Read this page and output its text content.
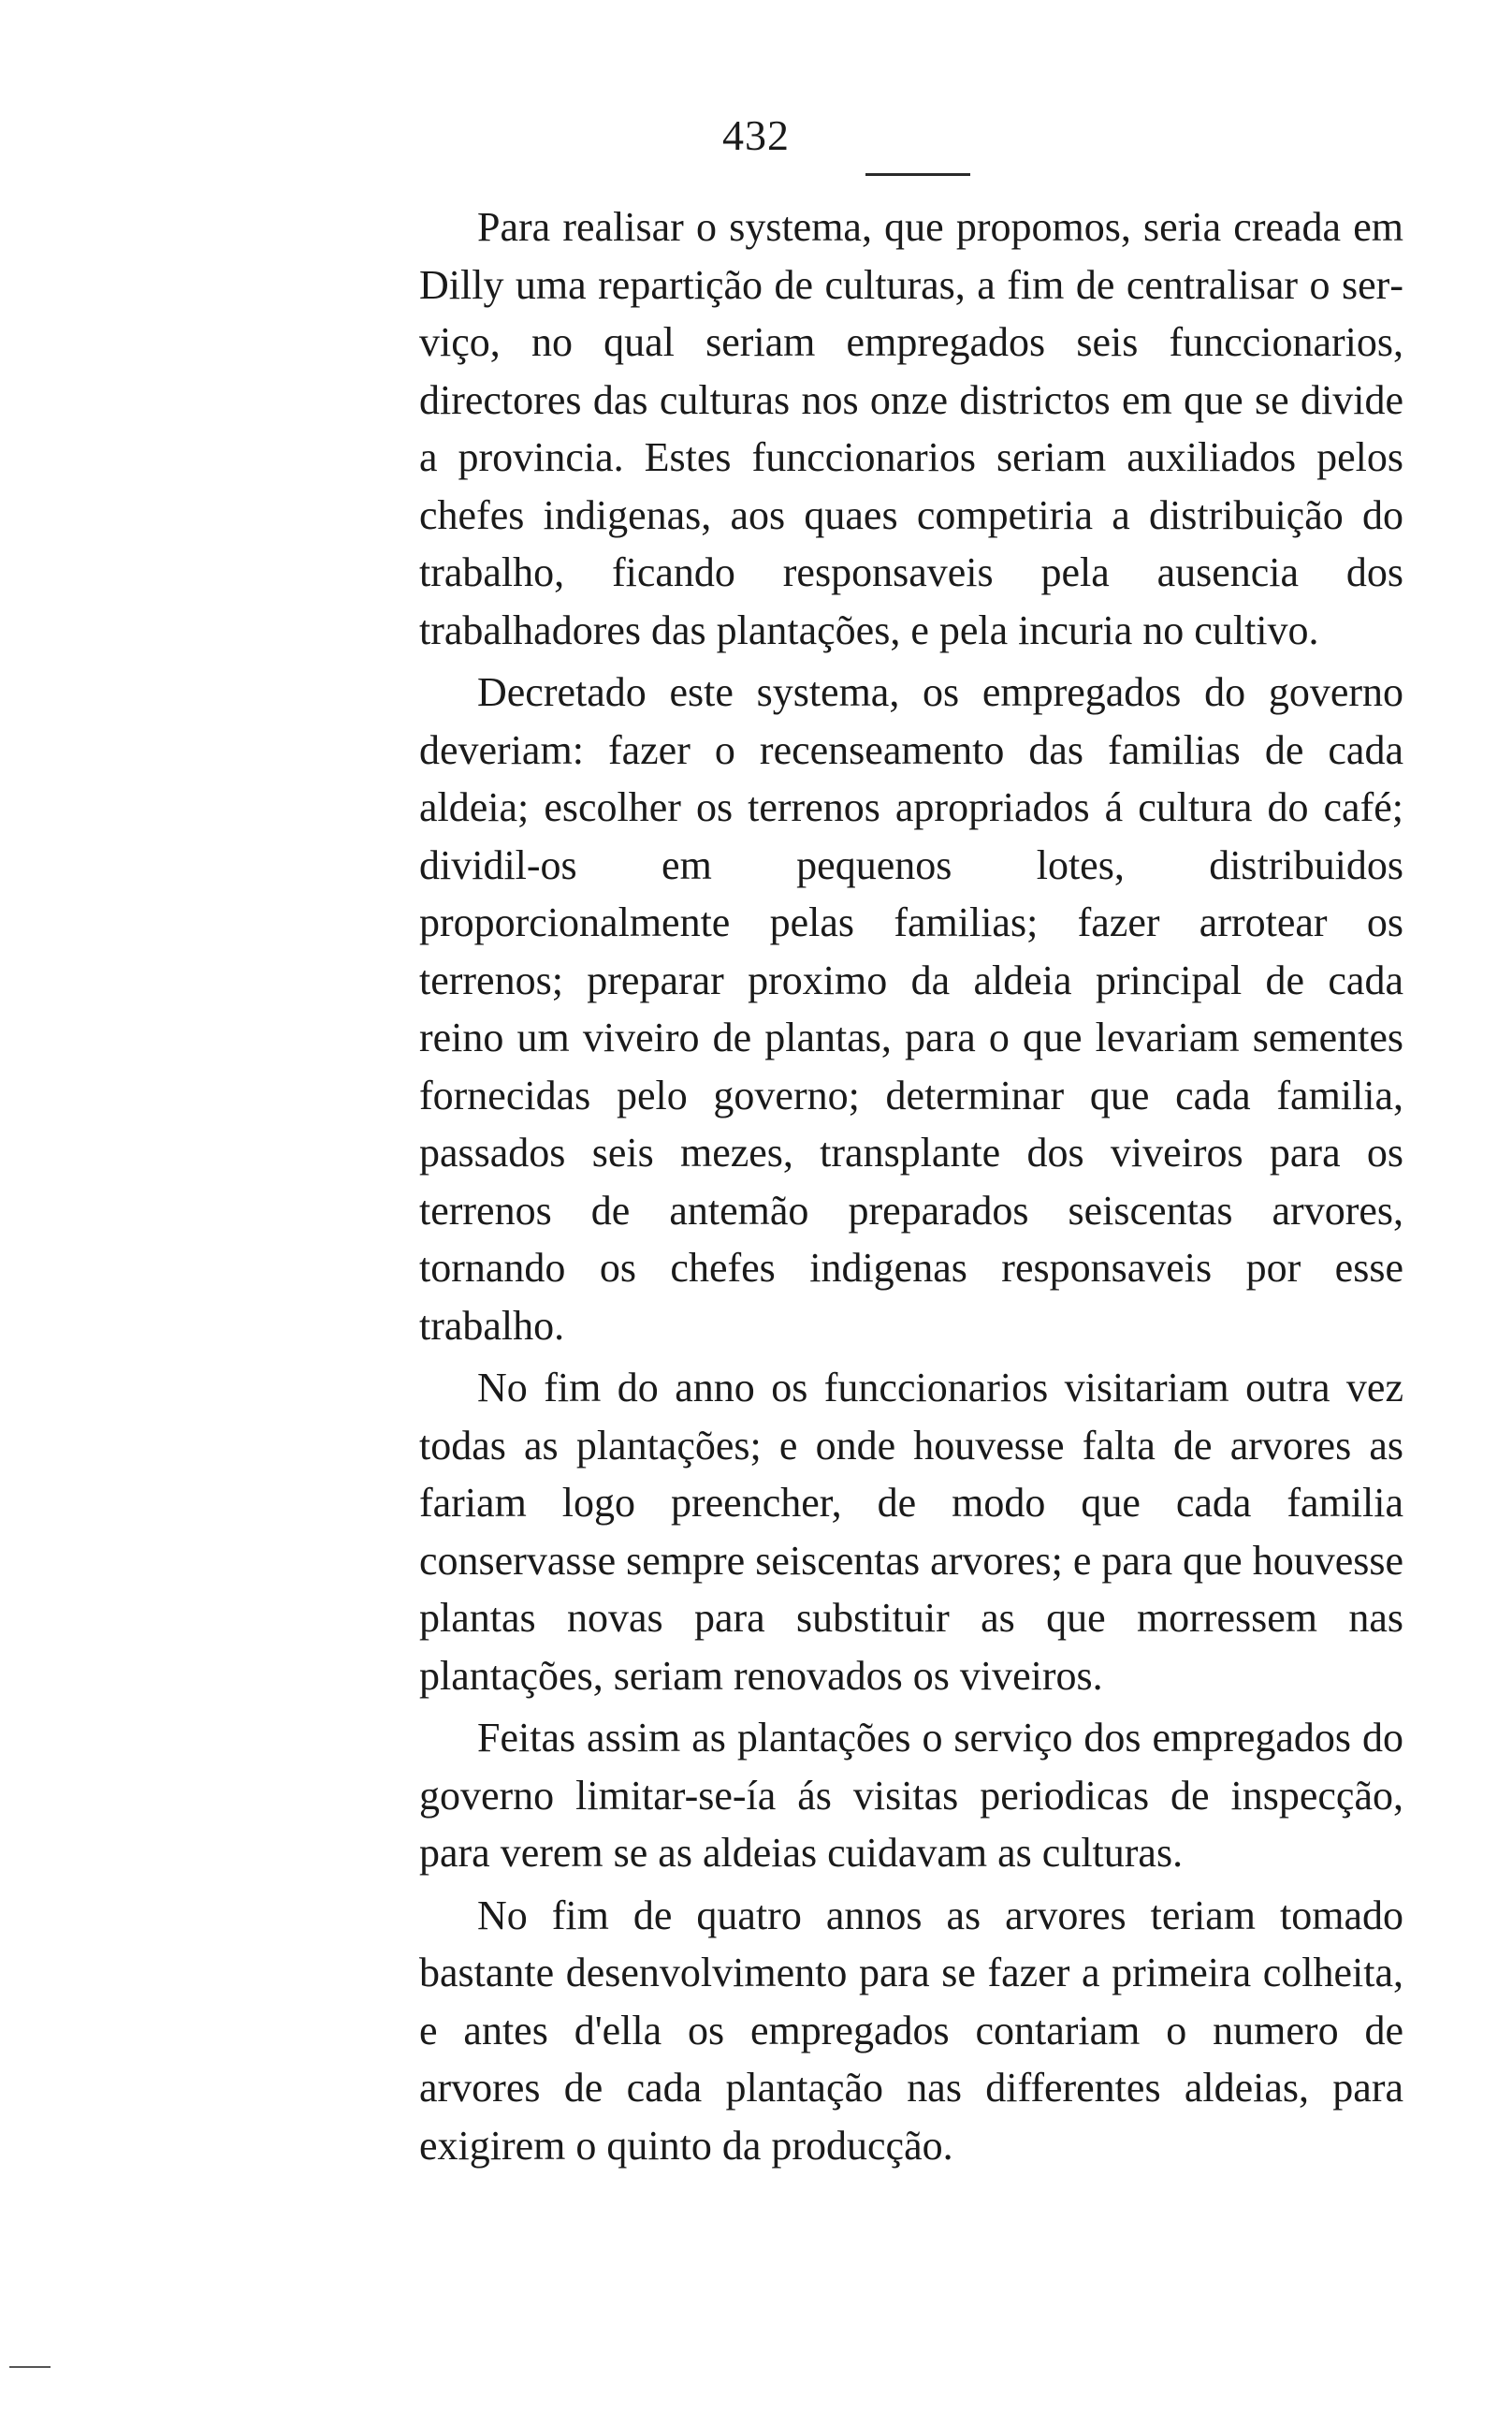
432

Para realisar o systema, que propomos, seria creada em Dilly uma repartição de culturas, a fim de centralisar o serviço, no qual seriam empregados seis funccionarios, directores das culturas nos onze districtos em que se divide a provincia. Estes funccionarios seriam auxiliados pelos chefes indigenas, aos quaes competiria a distribuição do trabalho, ficando responsaveis pela ausencia dos trabalhadores das plantações, e pela incuria no cultivo.

Decretado este systema, os empregados do governo deveriam: fazer o recenseamento das familias de cada aldeia; escolher os terrenos apropriados á cultura do café; dividil-os em pequenos lotes, distribuidos proporcionalmente pelas familias; fazer arrotear os terrenos; preparar proximo da aldeia principal de cada reino um viveiro de plantas, para o que levariam sementes fornecidas pelo governo; determinar que cada familia, passados seis mezes, transplante dos viveiros para os terrenos de antemão preparados seiscentas arvores, tornando os chefes indigenas responsaveis por esse trabalho.

No fim do anno os funccionarios visitariam outra vez todas as plantações; e onde houvesse falta de arvores as fariam logo preencher, de modo que cada familia conservasse sempre seiscentas arvores; e para que houvesse plantas novas para substituir as que morressem nas plantações, seriam renovados os viveiros.

Feitas assim as plantações o serviço dos empregados do governo limitar-se-ía ás visitas periodicas de inspecção, para verem se as aldeias cuidavam as culturas.

No fim de quatro annos as arvores teriam tomado bastante desenvolvimento para se fazer a primeira colheita, e antes d'ella os empregados contariam o numero de arvores de cada plantação nas differentes aldeias, para exigirem o quinto da producção.
